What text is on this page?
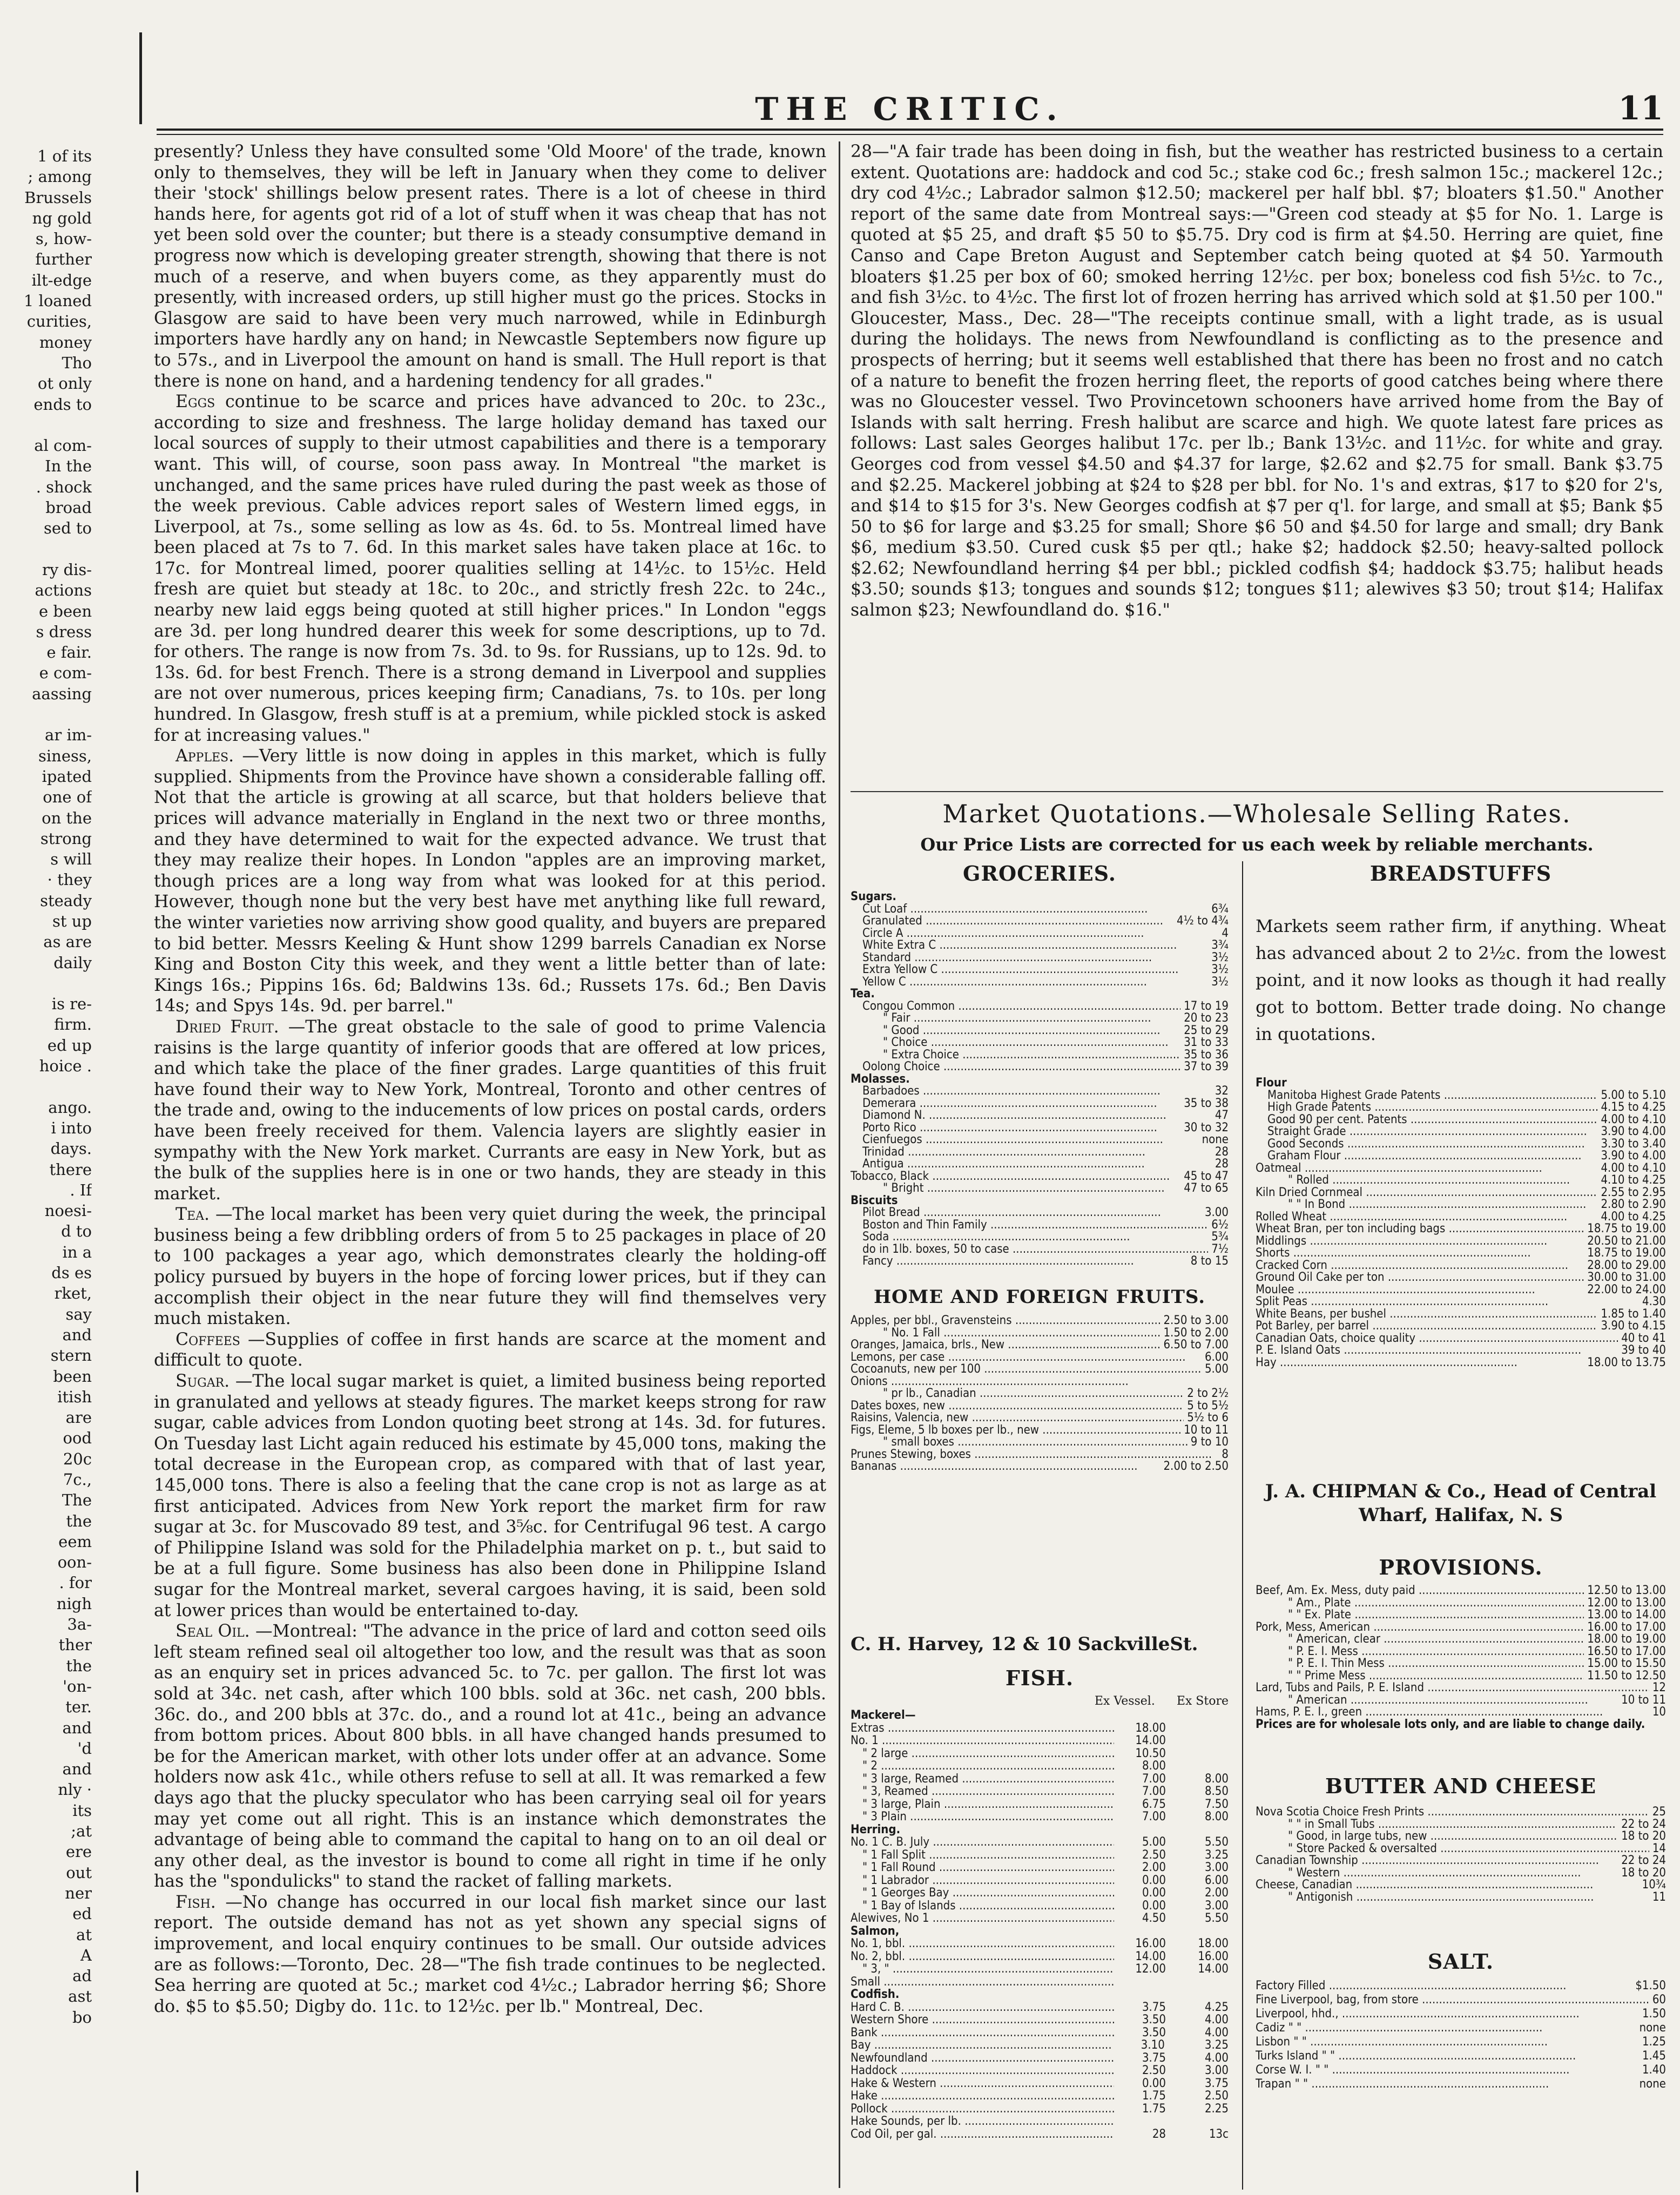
THE CRITIC.	11
1 of its
; among
Brussels
ng gold
s, how-
further
ilt-edge
1 loaned
curities,
money
Tho
ot only
ends to
al com-
In the
. shock
broad
sed to
ry dis-
actions
e been
s dress
e fair.
e com-
aassing
ar im-
siness,
ipated
one of
on the
strong
s will
· they
steady
st up
as are
daily
is re-
firm.
ed up
hoice .
ango.
i into
days.
there
. If
noesi-
d to
in a
ds es
rket,
say
and
stern
been
itish
are
ood
20c
7c.,
The
the
eem
oon-
. for
nigh
3a-
ther
the
'on-
ter.
and
'd
and
nly ·
its
;at
ere
out
ner
ed
at
A
ad
ast
bo

presently? Unless they have consulted some 'Old Moore' of the trade, known only to themselves, they will be left in January when they come to deliver their 'stock' shillings below present rates. There is a lot of cheese in third hands here, for agents got rid of a lot of stuff when it was cheap that has not yet been sold over the counter; but there is a steady consumptive demand in progress now which is developing greater strength, showing that there is not much of a reserve, and when buyers come, as they apparently must do presently, with increased orders, up still higher must go the prices. Stocks in Glasgow are said to have been very much narrowed, while in Edinburgh importers have hardly any on hand; in Newcastle Septembers now figure up to 57s., and in Liverpool the amount on hand is small. The Hull report is that there is none on hand, and a hardening tendency for all grades."

Eggs continue to be scarce and prices have advanced to 20c. to 23c., according to size and freshness. The large holiday demand has taxed our local sources of supply to their utmost capabilities and there is a temporary want. This will, of course, soon pass away. In Montreal "the market is unchanged, and the same prices have ruled during the past week as those of the week previous. Cable advices report sales of Western limed eggs, in Liverpool, at 7s., some selling as low as 4s. 6d. to 5s. Montreal limed have been placed at 7s to 7. 6d. In this market sales have taken place at 16c. to 17c. for Montreal limed, poorer qualities selling at 14½c. to 15½c. Held fresh are quiet but steady at 18c. to 20c., and strictly fresh 22c. to 24c., nearby new laid eggs being quoted at still higher prices." In London "eggs are 3d. per long hundred dearer this week for some descriptions, up to 7d. for others. The range is now from 7s. 3d. to 9s. for Russians, up to 12s. 9d. to 13s. 6d. for best French. There is a strong demand in Liverpool and supplies are not over numerous, prices keeping firm; Canadians, 7s. to 10s. per long hundred. In Glasgow, fresh stuff is at a premium, while pickled stock is asked for at increasing values."

Apples. —Very little is now doing in apples in this market, which is fully supplied. Shipments from the Province have shown a considerable falling off. Not that the article is growing at all scarce, but that holders believe that prices will advance materially in England in the next two or three months, and they have determined to wait for the expected advance. We trust that they may realize their hopes. In London "apples are an improving market, though prices are a long way from what was looked for at this period. However, though none but the very best have met anything like full reward, the winter varieties now arriving show good quality, and buyers are prepared to bid better. Messrs Keeling & Hunt show 1299 barrels Canadian ex Norse King and Boston City this week, and they went a little better than of late: Kings 16s.; Pippins 16s. 6d; Baldwins 13s. 6d.; Russets 17s. 6d.; Ben Davis 14s; and Spys 14s. 9d. per barrel."

Dried Fruit. —The great obstacle to the sale of good to prime Valencia raisins is the large quantity of inferior goods that are offered at low prices, and which take the place of the finer grades. Large quantities of this fruit have found their way to New York, Montreal, Toronto and other centres of the trade and, owing to the inducements of low prices on postal cards, orders have been freely received for them. Valencia layers are slightly easier in sympathy with the New York market. Currants are easy in New York, but as the bulk of the supplies here is in one or two hands, they are steady in this market.

Tea. —The local market has been very quiet during the week, the principal business being a few dribbling orders of from 5 to 25 packages in place of 20 to 100 packages a year ago, which demonstrates clearly the holding-off policy pursued by buyers in the hope of forcing lower prices, but if they can accomplish their object in the near future they will find themselves very much mistaken.

Coffees —Supplies of coffee in first hands are scarce at the moment and difficult to quote.

Sugar. —The local sugar market is quiet, a limited business being reported in granulated and yellows at steady figures. The market keeps strong for raw sugar, cable advices from London quoting beet strong at 14s. 3d. for futures. On Tuesday last Licht again reduced his estimate by 45,000 tons, making the total decrease in the European crop, as compared with that of last year, 145,000 tons. There is also a feeling that the cane crop is not as large as at first anticipated. Advices from New York report the market firm for raw sugar at 3c. for Muscovado 89 test, and 3⅝c. for Centrifugal 96 test. A cargo of Philippine Island was sold for the Philadelphia market on p. t., but said to be at a full figure. Some business has also been done in Philippine Island sugar for the Montreal market, several cargoes having, it is said, been sold at lower prices than would be entertained to-day.

Seal Oil. —Montreal: "The advance in the price of lard and cotton seed oils left steam refined seal oil altogether too low, and the result was that as soon as an enquiry set in prices advanced 5c. to 7c. per gallon. The first lot was sold at 34c. net cash, after which 100 bbls. sold at 36c. net cash, 200 bbls. 36c. do., and 200 bbls at 37c. do., and a round lot at 41c., being an advance from bottom prices. About 800 bbls. in all have changed hands presumed to be for the American market, with other lots under offer at an advance. Some holders now ask 41c., while others refuse to sell at all. It was remarked a few days ago that the plucky speculator who has been carrying seal oil for years may yet come out all right. This is an instance which demonstrates the advantage of being able to command the capital to hang on to an oil deal or any other deal, as the investor is bound to come all right in time if he only has the "spondulicks" to stand the racket of falling markets.

Fish. —No change has occurred in our local fish market since our last report. The outside demand has not as yet shown any special signs of improvement, and local enquiry continues to be small. Our outside advices are as follows:—Toronto, Dec. 28—"The fish trade continues to be neglected. Sea herring are quoted at 5c.; market cod 4½c.; Labrador herring $6; Shore do. $5 to $5.50; Digby do. 11c. to 12½c. per lb." Montreal, Dec.

28—"A fair trade has been doing in fish, but the weather has restricted business to a certain extent. Quotations are: haddock and cod 5c.; stake cod 6c.; fresh salmon 15c.; mackerel 12c.; dry cod 4½c.; Labrador salmon $12.50; mackerel per half bbl. $7; bloaters $1.50." Another report of the same date from Montreal says:—"Green cod steady at $5 for No. 1. Large is quoted at $5 25, and draft $5 50 to $5.75. Dry cod is firm at $4.50. Herring are quiet, fine Canso and Cape Breton August and September catch being quoted at $4 50. Yarmouth bloaters $1.25 per box of 60; smoked herring 12½c. per box; boneless cod fish 5½c. to 7c., and fish 3½c. to 4½c. The first lot of frozen herring has arrived which sold at $1.50 per 100." Gloucester, Mass., Dec. 28—"The receipts continue small, with a light trade, as is usual during the holidays. The news from Newfoundland is conflicting as to the presence and prospects of herring; but it seems well established that there has been no frost and no catch of a nature to benefit the frozen herring fleet, the reports of good catches being where there was no Gloucester vessel. Two Provincetown schooners have arrived home from the Bay of Islands with salt herring. Fresh halibut are scarce and high. We quote latest fare prices as follows: Last sales Georges halibut 17c. per lb.; Bank 13½c. and 11½c. for white and gray. Georges cod from vessel $4.50 and $4.37 for large, $2.62 and $2.75 for small. Bank $3.75 and $2.25. Mackerel jobbing at $24 to $28 per bbl. for No. 1's and extras, $17 to $20 for 2's, and $14 to $15 for 3's. New Georges codfish at $7 per q'l. for large, and small at $5; Bank $5 50 to $6 for large and $3.25 for small; Shore $6 50 and $4.50 for large and small; dry Bank $6, medium $3.50. Cured cusk $5 per qtl.; hake $2; haddock $2.50; heavy-salted pollock $2.62; Newfoundland herring $4 per bbl.; pickled codfish $4; haddock $3.75; halibut heads $3.50; sounds $13; tongues and sounds $12; tongues $11; alewives $3 50; trout $14; Halifax salmon $23; Newfoundland do. $16."

Market Quotations.—Wholesale Selling Rates.
Our Price Lists are corrected for us each week by reliable merchants.
GROCERIES.	BREADSTUFFS
Sugars.
Cut Loaf .....	6¾
Granulated .....	4½ to 4¾
Circle A .....	4
White Extra C .....	3¾
Standard .....	3½
Extra Yellow C .....	3½
Yellow C .....	3½
Tea.
Congou Common .....	17 to 19
" Fair .....	20 to 23
" Good .....	25 to 29
" Choice .....	31 to 33
" Extra Choice .....	35 to 36
Oolong Choice .....	37 to 39
Molasses.
Barbadoes .....	32
Demerara .....	35 to 38
Diamond N. .....	47
Porto Rico .....	30 to 32
Cienfuegos .....	none
Trinidad .....	28
Antigua .....	28
Tobacco, Black .....	45 to 47
" Bright .....	47 to 65
Biscuits
Pilot Bread .....	3.00
Boston and Thin Family .....	6½
Soda .....	5¾
do in 1lb. boxes, 50 to case .....	7½
Fancy .....	8 to 15
HOME AND FOREIGN FRUITS.
Apples, per bbl., Gravensteins .....	2.50 to 3.00
" No. 1 Fall .....	1.50 to 2.00
Oranges, Jamaica, brls., New .....	6.50 to 7.00
Lemons, per case .....	6.00
Cocoanuts, new per 100 .....	5.00
Onions .....
" pr lb., Canadian .....	2 to 2½
Dates boxes, new .....	5 to 5½
Raisins, Valencia, new .....	5½ to 6
Figs, Eleme, 5 lb boxes per lb., new .....	10 to 11
" small boxes .....	9 to 10
Prunes Stewing, boxes .....	8
Bananas .....	2.00 to 2.50
C. H. Harvey, 12 & 10 SackvilleSt.
FISH.
Ex Vessel. Ex Store
Mackerel—
Extras .....	18.00
No. 1 .....	14.00
" 2 large .....	10.50
" 2 .....	8.00
" 3 large, Reamed .....	7.00	8.00
" 3, Reamed .....	7.00	8.50
" 3 large, Plain .....	6.75	7.50
" 3 Plain .....	7.00	8.00
Herring.
No. 1 C. B. July .....	5.00	5.50
" 1 Fall Split .....	2.50	3.25
" 1 Fall Round .....	2.00	3.00
" 1 Labrador .....	0.00	6.00
" 1 Georges Bay .....	0.00	2.00
" 1 Bay of Islands .....	0.00	3.00
Alewives, No 1 .....	4.50	5.50
Salmon,
No. 1, bbl. .....	16.00	18.00
No. 2, bbl. .....	14.00	16.00
" 3, " .....	12.00	14.00
Small .....
Codfish.
Hard C. B. .....	3.75	4.25
Western Shore .....	3.50	4.00
Bank .....	3.50	4.00
Bay .....	3.10	3.25
Newfoundland .....	3.75	4.00
Haddock .....	2.50	3.00
Hake & Western .....	0.00	3.75
Hake .....	1.75	2.50
Pollock .....	1.75	2.25
Hake Sounds, per lb. .....
Cod Oil, per gal. .....	28	13c
Markets seem rather firm, if anything. Wheat has advanced about 2 to 2½c. from the lowest point, and it now looks as though it had really got to bottom. Better trade doing. No change in quotations.
Flour
Manitoba Highest Grade Patents .....	5.00 to 5.10
High Grade Patents .....	4.15 to 4.25
Good 90 per cent. Patents .....	4.00 to 4.10
Straight Grade .....	3.90 to 4.00
Good Seconds .....	3.30 to 3.40
Graham Flour .....	3.90 to 4.00
Oatmeal .....	4.00 to 4.10
" Rolled .....	4.10 to 4.25
Kiln Dried Cornmeal .....	2.55 to 2.95
" " In Bond .....	2.80 to 2.90
Rolled Wheat .....	4.00 to 4.25
Wheat Bran, per ton including bags .....	18.75 to 19.00
Middlings .....	20.50 to 21.00
Shorts .....	18.75 to 19.00
Cracked Corn .....	28.00 to 29.00
Ground Oil Cake per ton .....	30.00 to 31.00
Moulee .....	22.00 to 24.00
Split Peas .....	4.30
White Beans, per bushel .....	1.85 to 1.40
Pot Barley, per barrel .....	3.90 to 4.15
Canadian Oats, choice quality .....	40 to 41
P. E. Island Oats .....	39 to 40
Hay .....	18.00 to 13.75
J. A. CHIPMAN & Co., Head of Central Wharf, Halifax, N. S
PROVISIONS.
Beef, Am. Ex. Mess, duty paid .....	12.50 to 13.00
" Am., Plate .....	12.00 to 13.00
" " Ex. Plate .....	13.00 to 14.00
Pork, Mess, American .....	16.00 to 17.00
" American, clear .....	18.00 to 19.00
" P. E. I. Mess .....	16.50 to 17.00
" P. E. I. Thin Mess .....	15.00 to 15.50
" " Prime Mess .....	11.50 to 12.50
Lard, Tubs and Pails, P. E. Island .....	12
" American .....	10 to 11
Hams, P. E. I., green .....	10
Prices are for wholesale lots only, and are liable to change daily.
BUTTER AND CHEESE
Nova Scotia Choice Fresh Prints .....	25
" " in Small Tubs .....	22 to 24
" Good, in large tubs, new .....	18 to 20
" Store Packed & oversalted .....	14
Canadian Township .....	22 to 24
" Western .....	18 to 20
Cheese, Canadian .....	10¾
" Antigonish .....	11
SALT.
Factory Filled .....	$1.50
Fine Liverpool, bag, from store .....	60
Liverpool, hhd., .....	1.50
Cadiz " " .....	none
Lisbon " " .....	1.25
Turks Island " " .....	1.45
Corse W. I. " " .....	1.40
Trapan " " .....	none
